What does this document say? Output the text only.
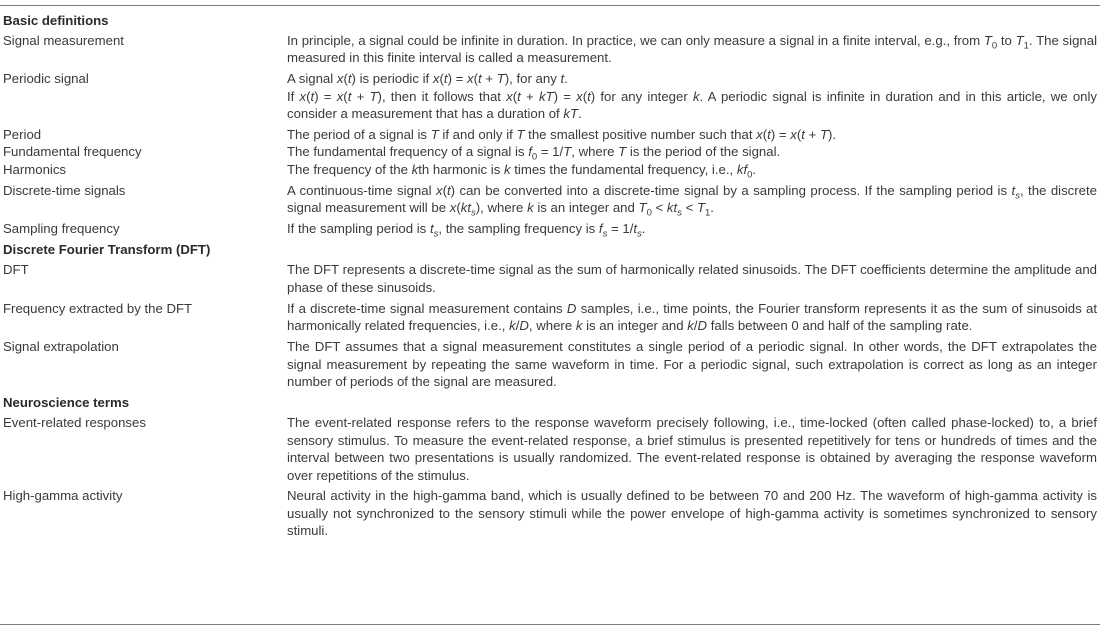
Basic definitions
Signal measurement	In principle, a signal could be infinite in duration. In practice, we can only measure a signal in a finite interval, e.g., from $T_0$ to $T_1$. The signal measured in this finite interval is called a measurement.
Periodic signal	A signal x(t) is periodic if x(t) = x(t + T), for any t.

If x(t) = x(t + T), then it follows that x(t + kT) = x(t) for any integer k. A periodic signal is infinite in duration and in this article, we only consider a measurement that has a duration of kT.

Period	The period of a signal is T if and only if T the smallest positive number such that x(t) = x(t + T).
Fundamental frequency	The fundamental frequency of a signal is $f_0 = 1/T$, where T is the period of the signal.
Harmonics	The frequency of the kth harmonic is k times the fundamental frequency, i.e., $kf_0$.
Discrete-time signals	A continuous-time signal x(t) can be converted into a discrete-time signal by a sampling process. If the sampling period is $t_s$, the discrete signal measurement will be $x(kt_s)$, where k is an integer and $T_0 < kt_s < T_1$.
Sampling frequency	If the sampling period is $t_s$, the sampling frequency is $f_s = 1/t_s$.
Discrete Fourier Transform (DFT)
DFT	The DFT represents a discrete-time signal as the sum of harmonically related sinusoids. The DFT coefficients determine the amplitude and phase of these sinusoids.
Frequency extracted by the DFT	If a discrete-time signal measurement contains D samples, i.e., time points, the Fourier transform represents it as the sum of sinusoids at harmonically related frequencies, i.e., k/D, where k is an integer and k/D falls between 0 and half of the sampling rate.
Signal extrapolation	The DFT assumes that a signal measurement constitutes a single period of a periodic signal. In other words, the DFT extrapolates the signal measurement by repeating the same waveform in time. For a periodic signal, such extrapolation is correct as long as an integer number of periods of the signal are measured.
Neuroscience terms
Event-related responses	The event-related response refers to the response waveform precisely following, i.e., time-locked (often called phase-locked) to, a brief sensory stimulus. To measure the event-related response, a brief stimulus is presented repetitively for tens or hundreds of times and the interval between two presentations is usually randomized. The event-related response is obtained by averaging the response waveform over repetitions of the stimulus.
High-gamma activity	Neural activity in the high-gamma band, which is usually defined to be between 70 and 200 Hz. The waveform of high-gamma activity is usually not synchronized to the sensory stimuli while the power envelope of high-gamma activity is sometimes synchronized to sensory stimuli.
